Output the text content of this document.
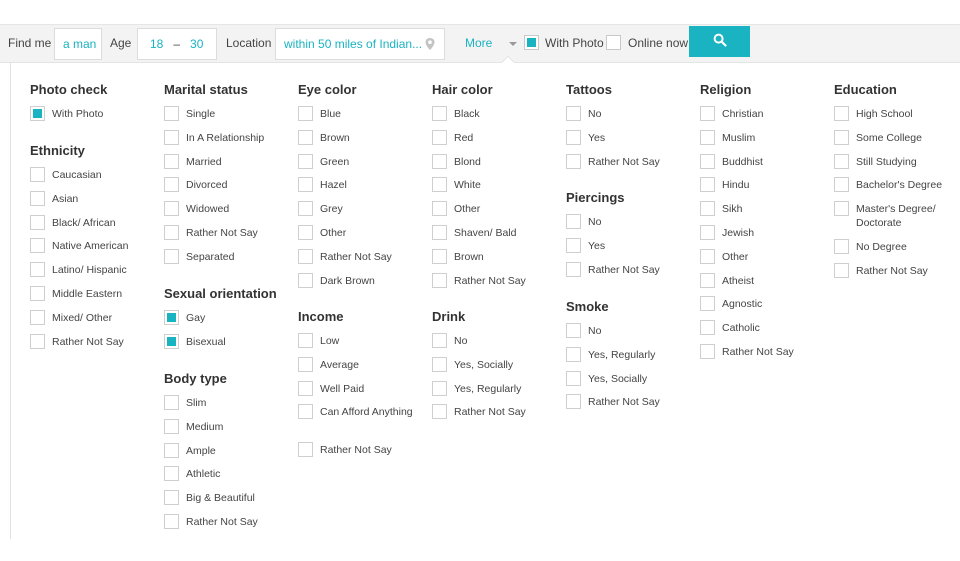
Find me a man Age 18 – 30 Location within 50 miles of Indian...	More	With Photo Online now
Photo check
With Photo
Ethnicity
Caucasian
Asian
Black/ African
Native American
Latino/ Hispanic
Middle Eastern
Mixed/ Other
Rather Not Say
Marital status
Single
In A Relationship
Married
Divorced
Widowed
Rather Not Say
Separated
Sexual orientation
Gay
Bisexual
Body type
Slim
Medium
Ample
Athletic
Big & Beautiful
Rather Not Say
Eye color
Blue
Brown
Green
Hazel
Grey
Other
Rather Not Say
Dark Brown
Income
Low
Average
Well Paid
Can Afford Anything
Rather Not Say
Hair color
Black
Red
Blond
White
Other
Shaven/ Bald
Brown
Rather Not Say
Drink
No
Yes, Socially
Yes, Regularly
Rather Not Say
Tattoos
No
Yes
Rather Not Say
Piercings
No
Yes
Rather Not Say
Smoke
No
Yes, Regularly
Yes, Socially
Rather Not Say
Religion
Christian
Muslim
Buddhist
Hindu
Sikh
Jewish
Other
Atheist
Agnostic
Catholic
Rather Not Say
Education
High School
Some College
Still Studying
Bachelor's Degree
Master's Degree/ Doctorate
No Degree
Rather Not Say
